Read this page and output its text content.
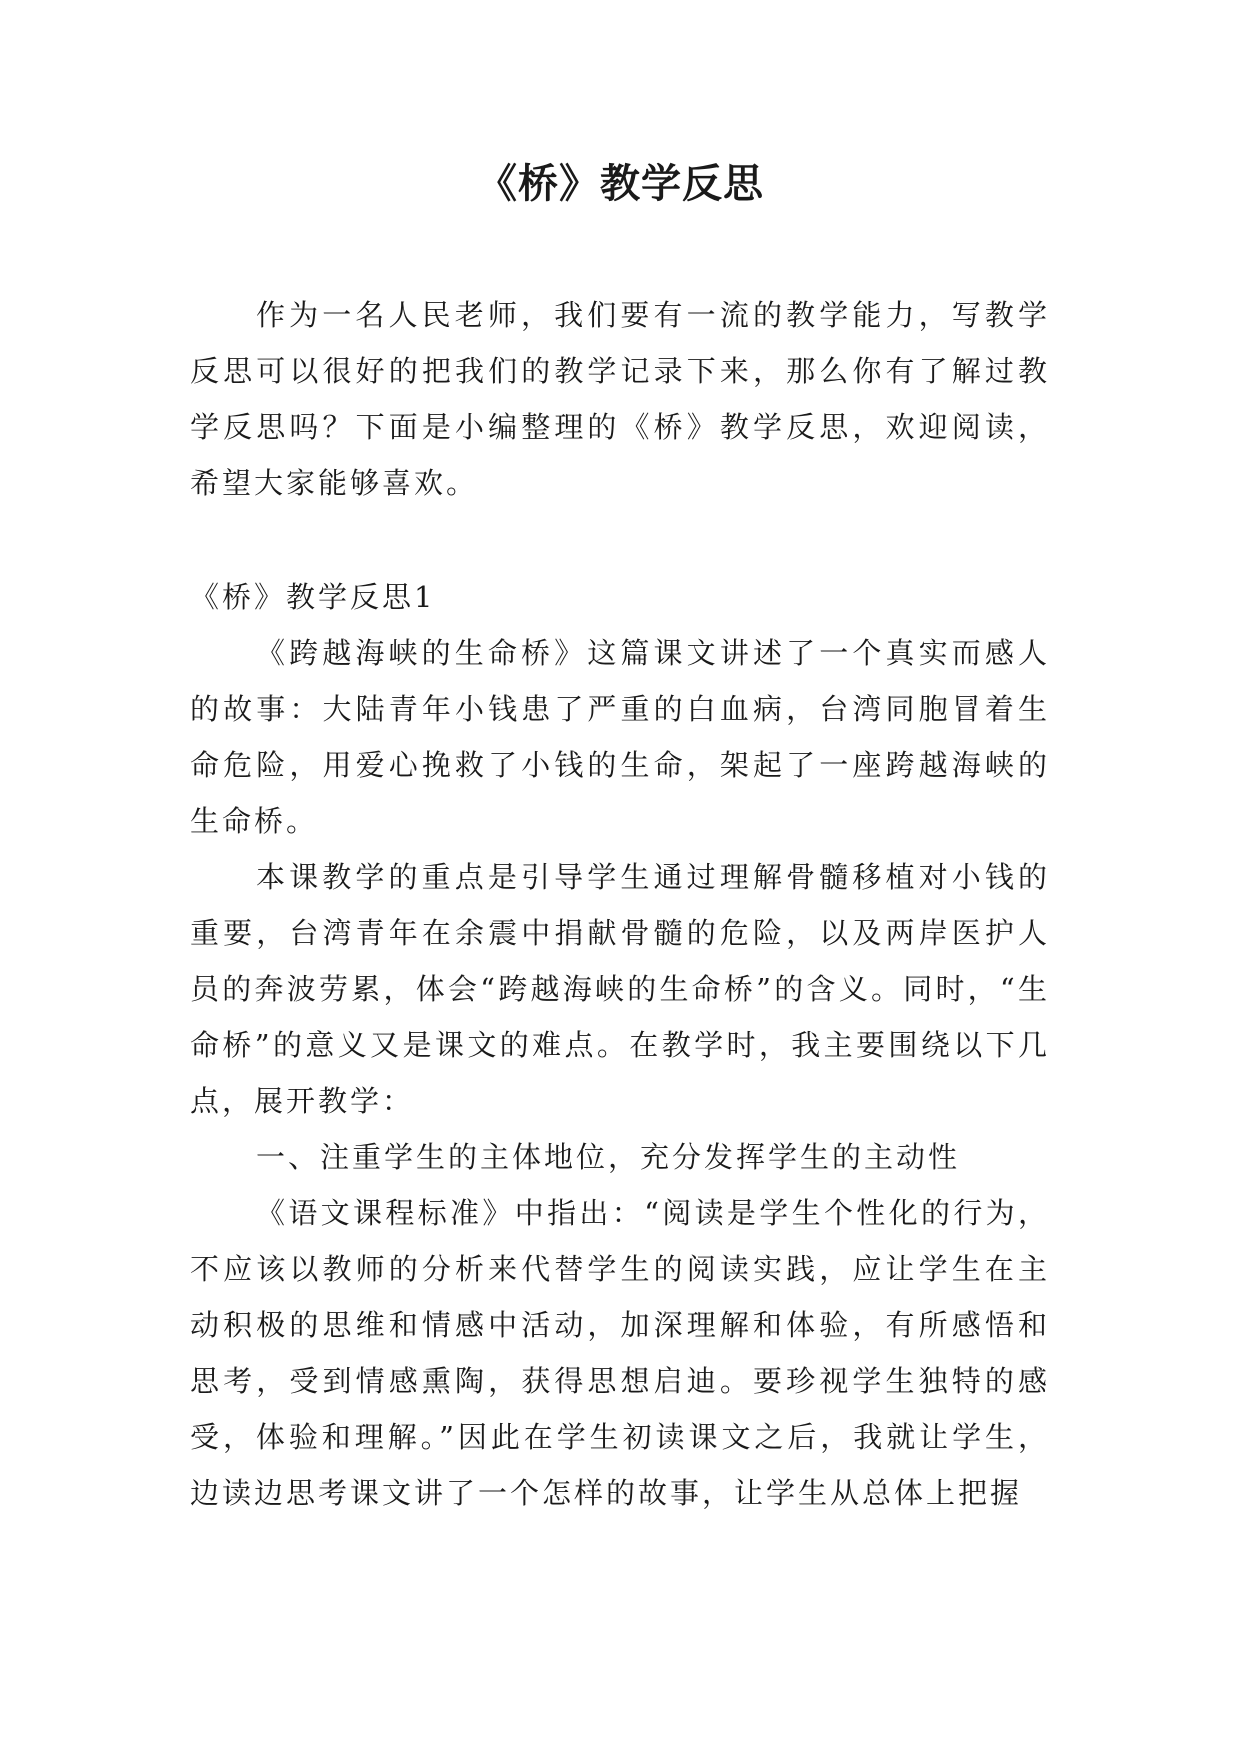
《桥》教学反思

作为一名人民老师，我们要有一流的教学能力，写教学反思可以很好的把我们的教学记录下来，那么你有了解过教学反思吗？下面是小编整理的《桥》教学反思，欢迎阅读，希望大家能够喜欢。

《桥》教学反思1

《跨越海峡的生命桥》这篇课文讲述了一个真实而感人的故事：大陆青年小钱患了严重的白血病，台湾同胞冒着生命危险，用爱心挽救了小钱的生命，架起了一座跨越海峡的生命桥。

本课教学的重点是引导学生通过理解骨髓移植对小钱的重要，台湾青年在余震中捐献骨髓的危险，以及两岸医护人员的奔波劳累，体会“跨越海峡的生命桥”的含义。同时，“生命桥”的意义又是课文的难点。在教学时，我主要围绕以下几点，展开教学：

一、注重学生的主体地位，充分发挥学生的主动性

《语文课程标准》中指出：“阅读是学生个性化的行为，不应该以教师的分析来代替学生的阅读实践，应让学生在主动积极的思维和情感中活动，加深理解和体验，有所感悟和思考，受到情感熏陶，获得思想启迪。要珍视学生独特的感受，体验和理解。”因此在学生初读课文之后，我就让学生，边读边思考课文讲了一个怎样的故事，让学生从总体上把握
